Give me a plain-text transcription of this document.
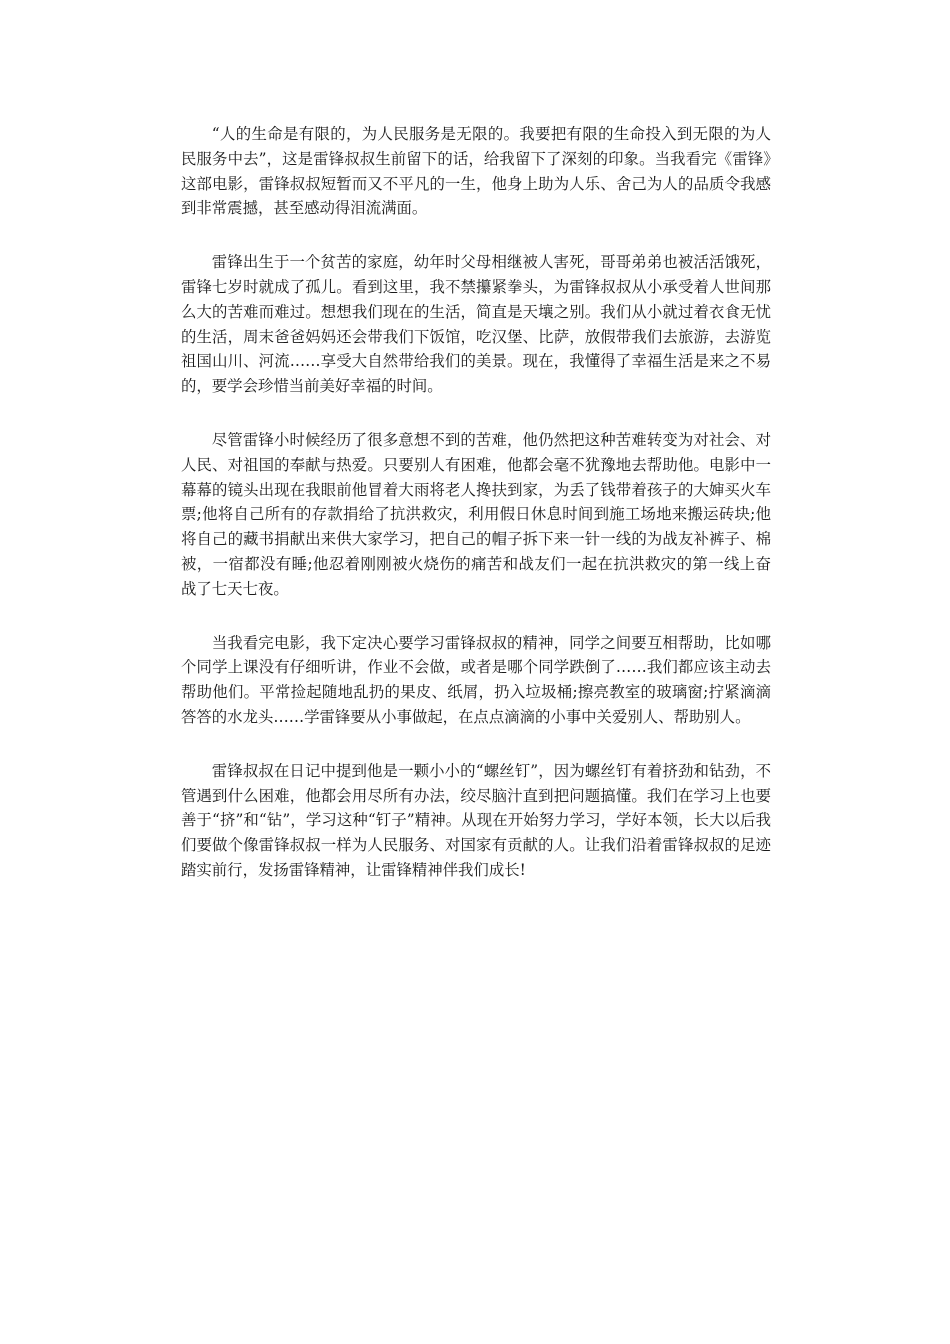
“人的生命是有限的，为人民服务是无限的。我要把有限的生命投入到无限的为人民服务中去”，这是雷锋叔叔生前留下的话，给我留下了深刻的印象。当我看完《雷锋》这部电影，雷锋叔叔短暂而又不平凡的一生，他身上助为人乐、舍己为人的品质令我感到非常震撼，甚至感动得泪流满面。

雷锋出生于一个贫苦的家庭，幼年时父母相继被人害死，哥哥弟弟也被活活饿死，雷锋七岁时就成了孤儿。看到这里，我不禁攥紧拳头，为雷锋叔叔从小承受着人世间那么大的苦难而难过。想想我们现在的生活，简直是天壤之别。我们从小就过着衣食无忧的生活，周末爸爸妈妈还会带我们下饭馆，吃汉堡、比萨，放假带我们去旅游，去游览祖国山川、河流……享受大自然带给我们的美景。现在，我懂得了幸福生活是来之不易的，要学会珍惜当前美好幸福的时间。

尽管雷锋小时候经历了很多意想不到的苦难，他仍然把这种苦难转变为对社会、对人民、对祖国的奉献与热爱。只要别人有困难，他都会毫不犹豫地去帮助他。电影中一幕幕的镜头出现在我眼前他冒着大雨将老人搀扶到家，为丢了钱带着孩子的大婶买火车票;他将自己所有的存款捐给了抗洪救灾，利用假日休息时间到施工场地来搬运砖块;他将自己的藏书捐献出来供大家学习，把自己的帽子拆下来一针一线的为战友补裤子、棉被，一宿都没有睡;他忍着刚刚被火烧伤的痛苦和战友们一起在抗洪救灾的第一线上奋战了七天七夜。

当我看完电影，我下定决心要学习雷锋叔叔的精神，同学之间要互相帮助，比如哪个同学上课没有仔细听讲，作业不会做，或者是哪个同学跌倒了……我们都应该主动去帮助他们。平常捡起随地乱扔的果皮、纸屑，扔入垃圾桶;擦亮教室的玻璃窗;拧紧滴滴答答的水龙头……学雷锋要从小事做起，在点点滴滴的小事中关爱别人、帮助别人。

雷锋叔叔在日记中提到他是一颗小小的“螺丝钉”，因为螺丝钉有着挤劲和钻劲，不管遇到什么困难，他都会用尽所有办法，绞尽脑汁直到把问题搞懂。我们在学习上也要善于“挤”和“钻”，学习这种“钉子”精神。从现在开始努力学习，学好本领，长大以后我们要做个像雷锋叔叔一样为人民服务、对国家有贡献的人。让我们沿着雷锋叔叔的足迹踏实前行，发扬雷锋精神，让雷锋精神伴我们成长!
